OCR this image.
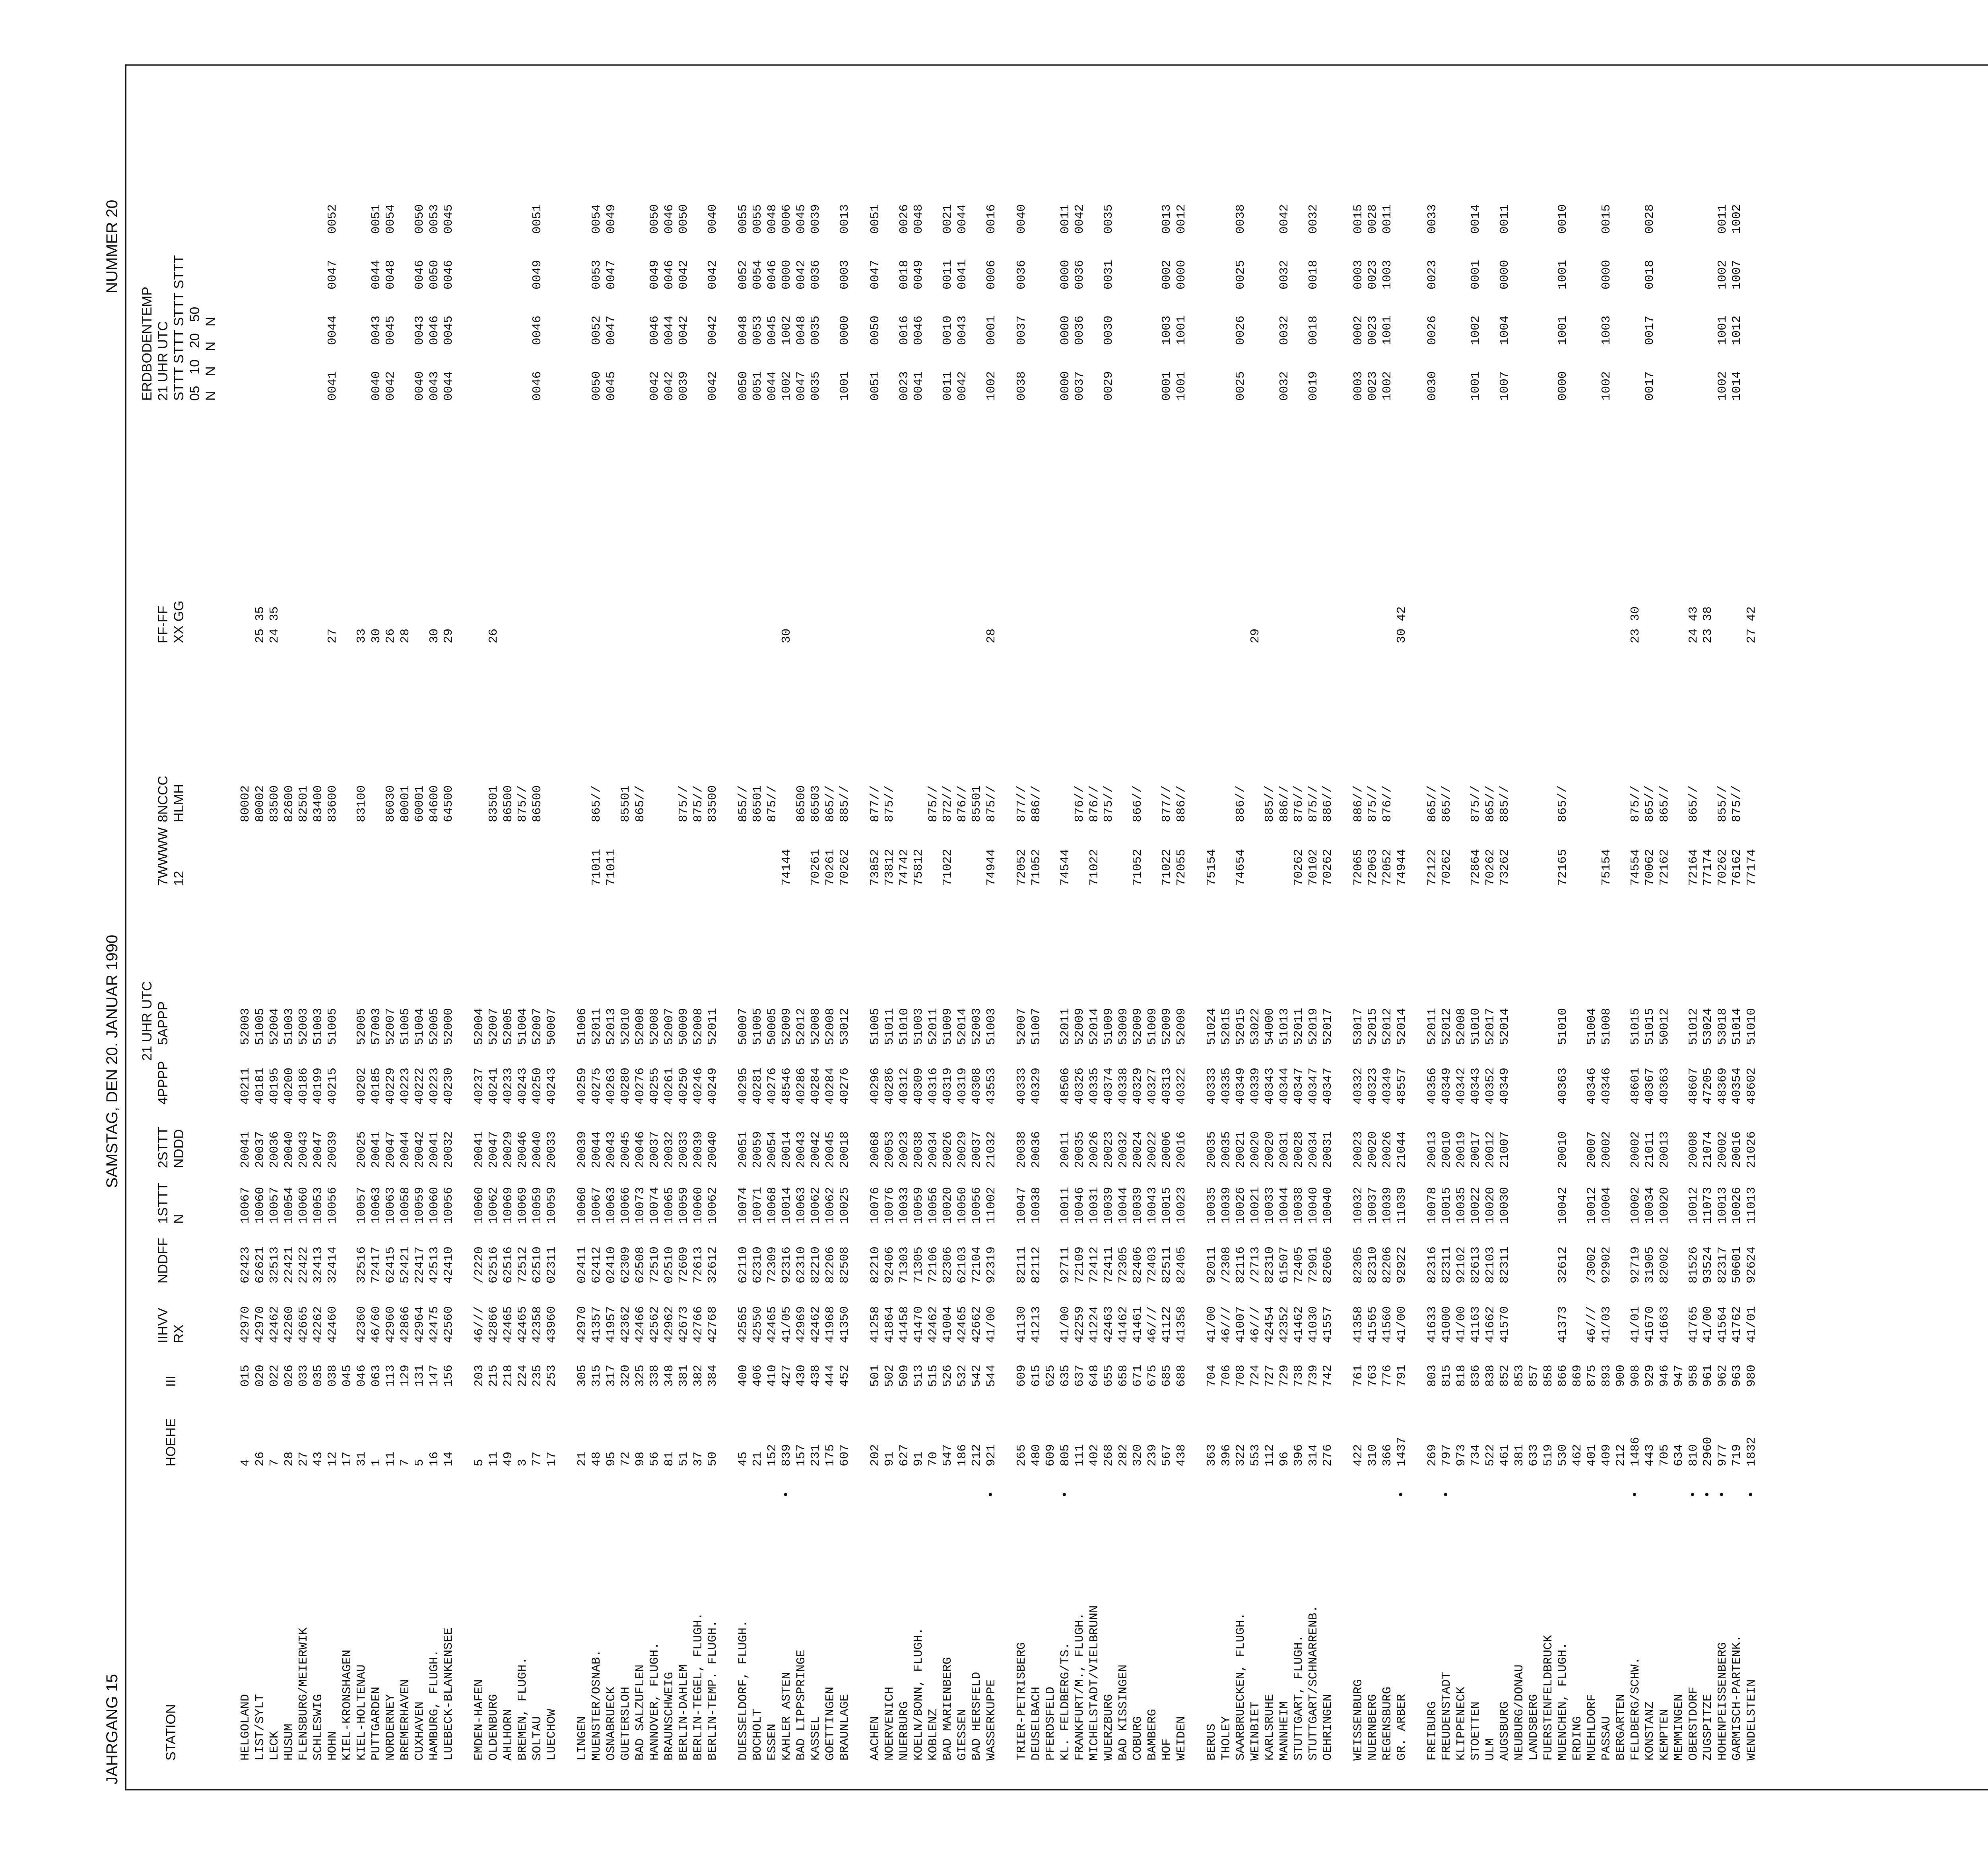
JAHRGANG 15
SAMSTAG, DEN 20. JANUAR 1990
NUMMER 20
STATION
HOEHE
III
IIHVV
RX
NDDFF
1STTT
N
2STTT
NDDD
4PPPP
5APPP
21 UHR UTC
7WWWW
12
8NCCC
HLMH
FF-FF
XX GG
ERDBODENTEMP
21 UHR UTC
STTT STTT STTT STTT
05   10   20   50
N    N    N    N
HELGOLAND
4
015
42970
62423
10067
20041
40211
52003
80002
LIST/SYLT
26
020
42970
62621
10060
20037
40181
51005
80002
25 35
LECK
7
022
42462
32513
10057
20036
40195
52004
83500
24 35
HUSUM
28
026
42260
22421
10054
20040
40200
51003
82600
FLENSBURG/MEIERWIK
27
033
42665
22422
10060
20043
40186
52003
82501
SCHLESWIG
43
035
42262
32413
10053
20047
40199
51003
83400
HOHN
12
038
42460
32414
10056
20039
40215
51005
83600
27
0041
0044
0047
0052
KIEL-KRONSHAGEN
17
045
KIEL-HOLTENAU
31
046
42360
32516
10057
20025
40202
52005
83100
33
PUTTGARDEN
1
063
46/60
72417
10063
20041
40185
57003
30
0040
0043
0044
0051
NORDERNEY
11
113
42960
62415
10063
20047
40229
52007
86030
26
0042
0045
0048
0054
BREMERHAVEN
7
129
42866
52421
10058
20044
40223
51005
80001
28
CUXHAVEN
5
131
42964
22417
10059
20042
40222
51004
60001
0040
0043
0046
0050
HAMBURG, FLUGH.
16
147
42475
42513
10060
20041
40223
52005
84600
30
0043
0046
0050
0053
LUEBECK-BLANKENSEE
14
156
42560
42410
10056
20032
40230
52000
64500
29
0044
0045
0046
0045
EMDEN-HAFEN
5
203
46///
/2220
10060
20041
40237
52004
OLDENBURG
11
215
42866
62516
10062
20047
40241
52007
83501
26
AHLHORN
49
218
42465
62516
10069
20029
40233
52005
86500
BREMEN, FLUGH.
3
224
42465
72512
10069
20046
40243
51004
875//
SOLTAU
77
235
42358
62510
10059
20040
40250
52007
86500
0046
0046
0049
0051
LUECHOW
17
253
43960
02311
10059
20033
40243
50007
LINGEN
21
305
42970
02411
10060
20039
40259
51006
MUENSTER/OSNAB.
48
315
41357
62412
10067
20044
40275
52011
71011
865//
0050
0052
0053
0054
OSNABRUECK
95
317
41957
02410
10063
20043
40263
52013
71011
0045
0047
0047
0049
GUETERSLOH
72
320
42362
62309
10066
20045
40280
52010
85501
BAD SALZUFLEN
98
325
42466
62508
10073
20046
40276
52008
865//
HANNOVER, FLUGH.
56
338
42562
72510
10074
20037
40255
52008
0042
0046
0049
0050
BRAUNSCHWEIG
81
348
42962
02510
10065
20032
40261
52007
0042
0044
0046
0046
BERLIN-DAHLEM
51
381
42673
72609
10059
20033
40250
50009
875//
0039
0042
0042
0050
BERLIN-TEGEL, FLUGH.
37
382
42766
72613
10060
20039
40246
52008
875//
BERLIN-TEMP. FLUGH.
50
384
42768
32612
10062
20040
40249
52011
83500
0042
0042
0042
0040
DUESSELDORF, FLUGH.
45
400
42565
62110
10074
20051
40295
50007
855//
0050
0048
0052
0055
BOCHOLT
21
406
42550
62310
10071
20059
40281
51005
86501
0051
0053
0054
0055
ESSEN
152
410
42465
72309
10068
20054
40276
50005
875//
0044
0045
0046
0048
KAHLER ASTEN
•
839
427
41/05
92316
10014
20014
48546
52009
74144
30
1002
1002
0000
0006
BAD LIPPSPRINGE
157
430
42969
62310
10063
20043
40286
52012
86500
0047
0048
0042
0045
KASSEL
231
438
42462
82210
10062
20042
40284
52008
70261
86503
0035
0035
0036
0039
GOETTINGEN
175
444
41968
82206
10062
20045
40284
52008
70261
865//
BRAUNLAGE
607
452
41350
82508
10025
20018
40276
53012
70262
885//
1001
0000
0003
0013
AACHEN
202
501
41258
82210
10076
20068
40296
51005
73852
877//
0051
0050
0047
0051
NOERVENICH
91
502
41864
92406
10076
20053
40286
51011
73812
875//
NUERBURG
627
509
41458
71303
10033
20023
40312
51010
74742
0023
0016
0018
0026
KOELN/BONN, FLUGH.
91
513
41470
71305
10059
20038
40309
51003
75812
0041
0046
0049
0048
KOBLENZ
70
515
42462
72106
10056
20034
40316
52011
875//
BAD MARIENBERG
547
526
41004
82306
10020
20026
40319
51009
71022
872//
0011
0010
0011
0021
GIESSEN
186
532
42465
62103
10050
20029
40319
52014
876//
0042
0043
0041
0044
BAD HERSFELD
212
542
42662
72104
10056
20037
40308
52003
85501
WASSERKUPPE
•
921
544
41/00
92319
11002
21032
43553
51003
74944
875//
28
1002
0001
0006
0016
TRIER-PETRISBERG
265
609
41130
82111
10047
20038
40333
52007
72052
877//
0038
0037
0036
0040
DEUSELBACH
480
615
41213
82112
10038
20036
40329
51007
71052
886//
PFERDSFELD
609
625
KL. FELDBERG/TS.
•
805
635
41/00
92711
10011
20011
48506
52011
74544
0000
0000
0000
0011
FRANKFURT/M., FLUGH.
111
637
42259
72109
10046
20035
40326
52009
876//
0037
0036
0036
0042
MICHELSTADT/VIELBRUNN
402
648
41224
72412
10031
20026
40335
52014
71022
876//
WUERZBURG
268
655
42463
72411
10039
20023
40374
51009
875//
0029
0030
0031
0035
BAD KISSINGEN
282
658
41462
72305
10044
20032
40338
53009
COBURG
320
671
41461
82406
10039
20024
40329
52009
71052
866//
BAMBERG
239
675
46///
72403
10043
20022
40327
51009
HOF
567
685
41122
82511
10015
20006
40313
52009
71022
877//
0001
1003
0002
0013
WEIDEN
438
688
41358
82405
10023
20016
40322
52009
72055
886//
1001
1001
0000
0012
BERUS
363
704
41/00
92011
10035
20035
40333
51024
75154
THOLEY
396
706
46///
/2308
10039
20035
40335
52015
SAARBRUECKEN, FLUGH.
322
708
41007
82116
10026
20021
40349
52015
74654
886//
0025
0026
0025
0038
WEINBIET
553
724
46///
/2713
10021
20020
40339
53022
29
KARLSRUHE
112
727
42454
82310
10033
20020
40343
54000
885//
MANNHEIM
96
729
42352
61507
10044
20031
40344
51013
886//
0032
0032
0032
0042
STUTTGART, FLUGH.
396
738
41462
72405
10038
20028
40347
52011
70262
876//
STUTTGART/SCHNARRENB.
314
739
41030
72901
10040
20034
40347
52019
70102
875//
0019
0018
0018
0032
OEHRINGEN
276
742
41557
82606
10040
20031
40347
52017
70262
886//
WEISSENBURG
422
761
41358
82305
10032
20023
40332
53017
72065
886//
0003
0002
0003
0015
NUERNBERG
310
763
41565
82310
10037
20020
40323
52015
72063
875//
0023
0023
0023
0028
REGENSBURG
366
776
41560
82206
10039
20026
40349
52012
72052
876//
1002
1001
1003
0011
GR. ARBER
•
1437
791
41/00
92922
11039
21044
48557
52014
74944
30 42
FREIBURG
269
803
41633
82316
10078
20013
40356
52011
72122
865//
0030
0026
0023
0033
FREUDENSTADT
•
797
815
41000
82311
10015
20010
40349
52012
70262
865//
KLIPPENECK
973
818
41/00
92102
10035
20019
40342
52008
STOETTEN
734
836
41163
82613
10022
20017
40343
51010
72864
875//
1001
1002
0001
0014
ULM
522
838
41662
82103
10020
20012
40352
52017
70262
865//
AUGSBURG
461
852
41570
82311
10030
21007
40349
52014
73262
885//
1007
1004
0000
0011
NEUBURG/DONAU
381
853
LANDSBERG
633
857
FUERSTENFELDBRUCK
519
858
MUENCHEN, FLUGH.
530
866
41373
32612
10042
20010
40363
51010
72165
865//
0000
1001
1001
0010
ERDING
462
869
MUEHLDORF
401
875
46///
/3002
10012
20007
40346
51004
PASSAU
409
893
41/03
92902
10004
20002
40346
51008
75154
1002
1003
0000
0015
BERGARTEN
212
900
FELDBERG/SCHW.
•
1486
908
41/01
92719
10002
20002
48601
51015
74554
875//
23 30
KONSTANZ
443
929
41670
31905
10034
21011
40367
51015
70062
865//
0017
0017
0018
0028
KEMPTEN
705
946
41663
82002
10020
20013
40363
50012
72162
865//
MEMMINGEN
634
947
OBERSTDORF
•
810
958
41765
81526
10012
20008
48607
51012
72164
865//
24 43
ZUGSPITZE
•
2960
961
41/00
93524
11073
21074
47205
53024
77174
23 38
HOHENPEISSENBERG
•
977
962
41564
82317
10013
20002
48369
53018
70262
855//
1002
1001
1002
0011
GARMISCH-PARTENK.
719
963
41762
50601
10026
20016
40354
51014
76162
875//
1014
1012
1007
1002
WENDELSTEIN
•
1832
980
41/01
92624
11013
21026
48602
51010
77174
27 42
